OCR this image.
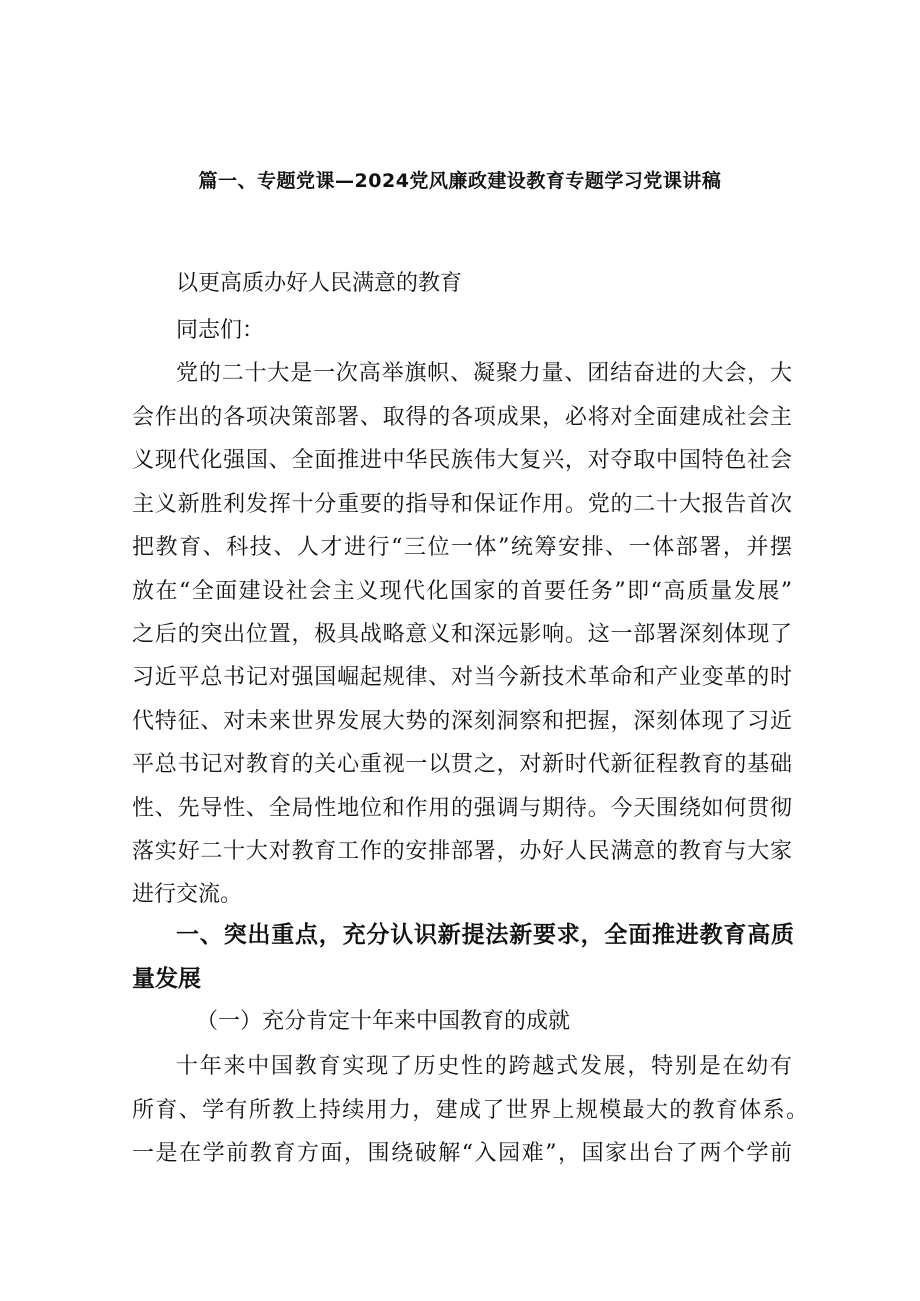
篇一、专题党课—2024党风廉政建设教育专题学习党课讲稿
以更高质办好人民满意的教育
同志们：
党的二十大是一次高举旗帜、凝聚力量、团结奋进的大会，大
会作出的各项决策部署、取得的各项成果，必将对全面建成社会主
义现代化强国、全面推进中华民族伟大复兴，对夺取中国特色社会
主义新胜利发挥十分重要的指导和保证作用。党的二十大报告首次
把教育、科技、人才进行“三位一体”统筹安排、一体部署，并摆
放在“全面建设社会主义现代化国家的首要任务”即“高质量发展”
之后的突出位置，极具战略意义和深远影响。这一部署深刻体现了
习近平总书记对强国崛起规律、对当今新技术革命和产业变革的时
代特征、对未来世界发展大势的深刻洞察和把握，深刻体现了习近
平总书记对教育的关心重视一以贯之，对新时代新征程教育的基础
性、先导性、全局性地位和作用的强调与期待。今天围绕如何贯彻
落实好二十大对教育工作的安排部署，办好人民满意的教育与大家
进行交流。
一、突出重点，充分认识新提法新要求，全面推进教育高质
量发展
（一）充分肯定十年来中国教育的成就
十年来中国教育实现了历史性的跨越式发展，特别是在幼有
所育、学有所教上持续用力，建成了世界上规模最大的教育体系。
一是在学前教育方面，围绕破解“入园难”，国家出台了两个学前
